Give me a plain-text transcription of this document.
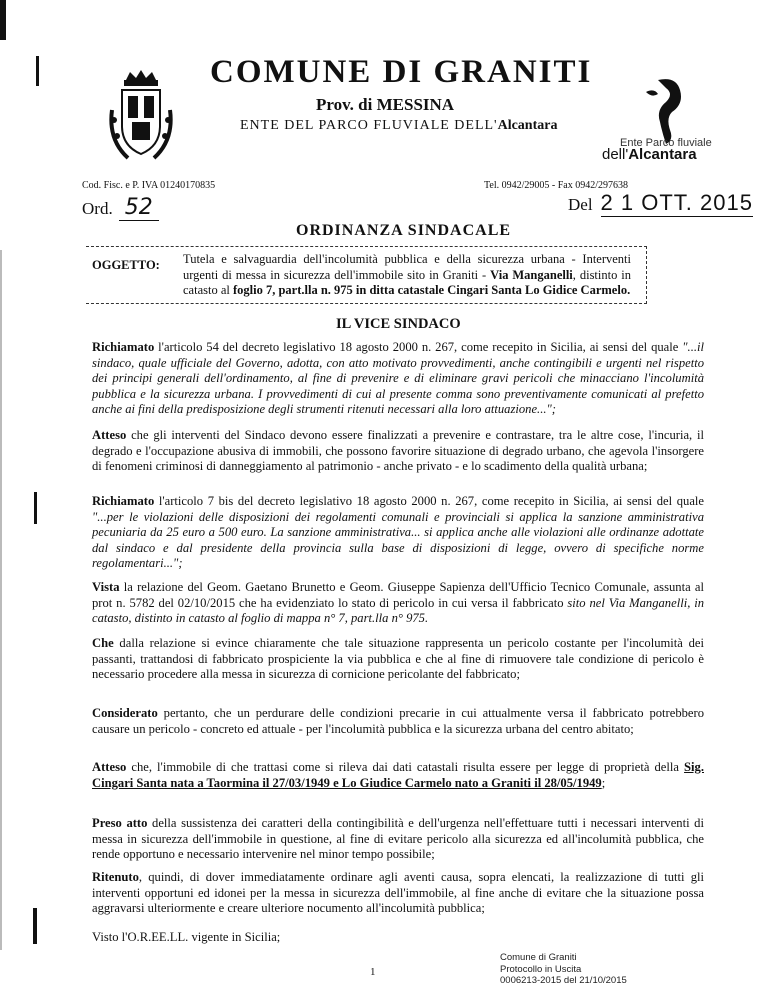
COMUNE DI GRANITI
Prov. di MESSINA
ENTE DEL PARCO FLUVIALE DELL'Alcantara
Ente Parco fluviale
dell'Alcantara
Cod. Fisc. e P. IVA 01240170835	Tel. 0942/29005 - Fax 0942/297638
Ord. 52	Del 2 1 OTT. 2015
ORDINANZA SINDACALE
OGGETTO: Tutela e salvaguardia dell'incolumità pubblica e della sicurezza urbana - Interventi urgenti di messa in sicurezza dell'immobile sito in Graniti - Via Manganelli, distinto in catasto al foglio 7, part.lla n. 975 in ditta catastale Cingari Santa Lo Gidice Carmelo.
IL VICE SINDACO
Richiamato l'articolo 54 del decreto legislativo 18 agosto 2000 n. 267, come recepito in Sicilia, ai sensi del quale "...il sindaco, quale ufficiale del Governo, adotta, con atto motivato provvedimenti, anche contingibili e urgenti nel rispetto dei principi generali dell'ordinamento, al fine di prevenire e di eliminare gravi pericoli che minacciano l'incolumità pubblica e la sicurezza urbana. I provvedimenti di cui al presente comma sono preventivamente comunicati al prefetto anche ai fini della predisposizione degli strumenti ritenuti necessari alla loro attuazione...";
Atteso che gli interventi del Sindaco devono essere finalizzati a prevenire e contrastare, tra le altre cose, l'incuria, il degrado e l'occupazione abusiva di immobili, che possono favorire situazione di degrado urbano, che agevola l'insorgere di fenomeni criminosi di danneggiamento al patrimonio - anche privato - e lo scadimento della qualità urbana;
Richiamato l'articolo 7 bis del decreto legislativo 18 agosto 2000 n. 267, come recepito in Sicilia, ai sensi del quale "...per le violazioni delle disposizioni dei regolamenti comunali e provinciali si applica la sanzione amministrativa pecuniaria da 25 euro a 500 euro. La sanzione amministrativa... si applica anche alle violazioni alle ordinanze adottate dal sindaco e dal presidente della provincia sulla base di disposizioni di legge, ovvero di specifiche norme regolamentari...";
Vista la relazione del Geom. Gaetano Brunetto e Geom. Giuseppe Sapienza dell'Ufficio Tecnico Comunale, assunta al prot n. 5782 del 02/10/2015 che ha evidenziato lo stato di pericolo in cui versa il fabbricato sito nel Via Manganelli, in catasto, distinto in catasto al foglio di mappa n° 7, part.lla n° 975.
Che dalla relazione si evince chiaramente che tale situazione rappresenta un pericolo costante per l'incolumità dei passanti, trattandosi di fabbricato prospiciente la via pubblica e che al fine di rimuovere tale condizione di pericolo è necessario procedere alla messa in sicurezza di cornicione pericolante del fabbricato;
Considerato pertanto, che un perdurare delle condizioni precarie in cui attualmente versa il fabbricato potrebbero causare un pericolo - concreto ed attuale - per l'incolumità pubblica e la sicurezza urbana del centro abitato;
Atteso che, l'immobile di che trattasi come si rileva dai dati catastali risulta essere per legge di proprietà della Sig. Cingari Santa nata a Taormina il 27/03/1949 e Lo Giudice Carmelo nato a Graniti il 28/05/1949;
Preso atto della sussistenza dei caratteri della contingibilità e dell'urgenza nell'effettuare tutti i necessari interventi di messa in sicurezza dell'immobile in questione, al fine di evitare pericolo alla sicurezza ed all'incolumità pubblica, che rende opportuno e necessario intervenire nel minor tempo possibile;
Ritenuto, quindi, di dover immediatamente ordinare agli aventi causa, sopra elencati, la realizzazione di tutti gli interventi opportuni ed idonei per la messa in sicurezza dell'immobile, al fine anche di evitare che la situazione possa aggravarsi ulteriormente e creare ulteriore nocumento all'incolumità pubblica;
Visto l'O.R.EE.LL. vigente in Sicilia;
1
Comune di Graniti
Protocollo in Uscita
0006213-2015 del 21/10/2015
